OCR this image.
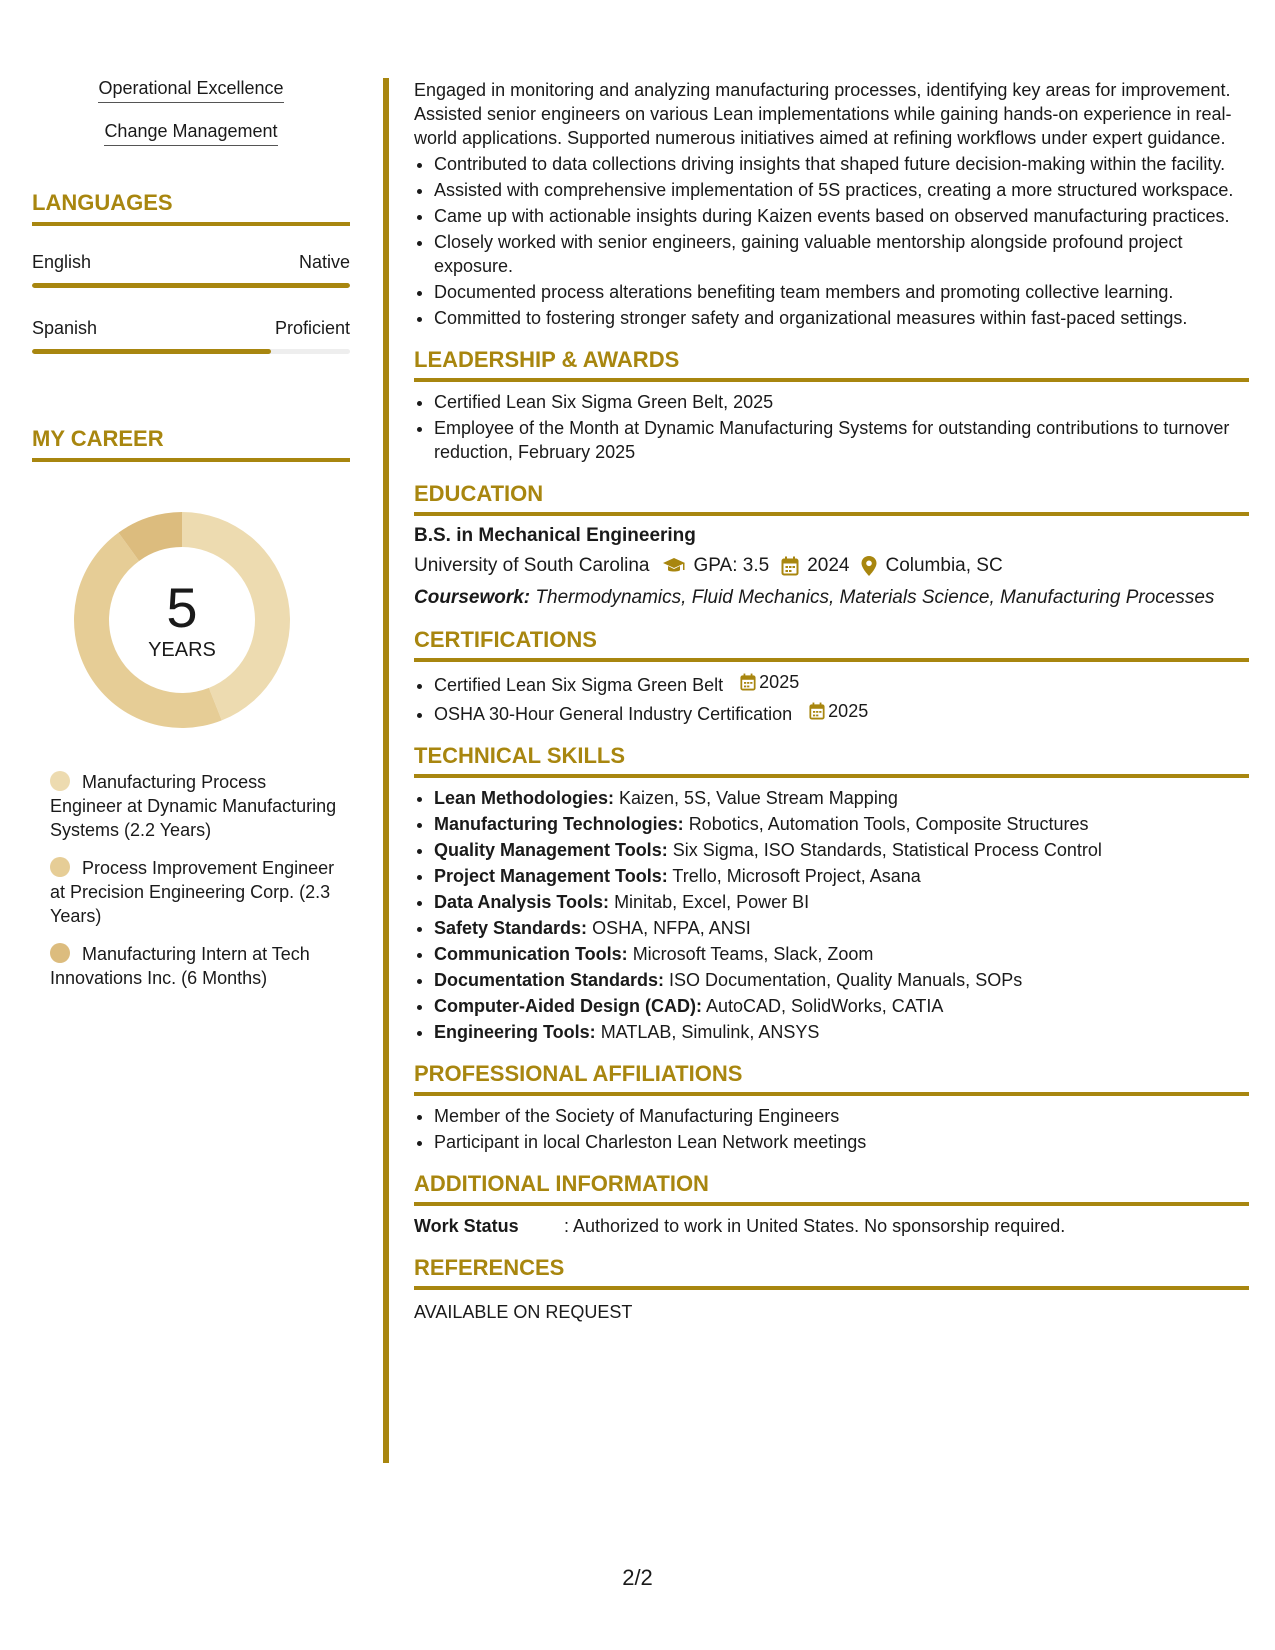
Operational Excellence
Change Management
LANGUAGES
English	Native
Spanish	Proficient
MY CAREER
5
YEARS
Manufacturing Process Engineer at Dynamic Manufacturing Systems (2.2 Years)
Process Improvement Engineer at Precision Engineering Corp. (2.3 Years)
Manufacturing Intern at Tech Innovations Inc. (6 Months)

Engaged in monitoring and analyzing manufacturing processes, identifying key areas for improvement. Assisted senior engineers on various Lean implementations while gaining hands-on experience in real-world applications. Supported numerous initiatives aimed at refining workflows under expert guidance.

• Contributed to data collections driving insights that shaped future decision-making within the facility.
• Assisted with comprehensive implementation of 5S practices, creating a more structured workspace.
• Came up with actionable insights during Kaizen events based on observed manufacturing practices.
• Closely worked with senior engineers, gaining valuable mentorship alongside profound project exposure.
• Documented process alterations benefiting team members and promoting collective learning.
• Committed to fostering stronger safety and organizational measures within fast-paced settings.
LEADERSHIP & AWARDS
• Certified Lean Six Sigma Green Belt, 2025
• Employee of the Month at Dynamic Manufacturing Systems for outstanding contributions to turnover reduction, February 2025
EDUCATION
B.S. in Mechanical Engineering
University of South Carolina GPA: 3.5 2024 Columbia, SC
Coursework: Thermodynamics, Fluid Mechanics, Materials Science, Manufacturing Processes
CERTIFICATIONS
• Certified Lean Six Sigma Green Belt 2025
• OSHA 30-Hour General Industry Certification 2025
TECHNICAL SKILLS
• Lean Methodologies: Kaizen, 5S, Value Stream Mapping
• Manufacturing Technologies: Robotics, Automation Tools, Composite Structures
• Quality Management Tools: Six Sigma, ISO Standards, Statistical Process Control
• Project Management Tools: Trello, Microsoft Project, Asana
• Data Analysis Tools: Minitab, Excel, Power BI
• Safety Standards: OSHA, NFPA, ANSI
• Communication Tools: Microsoft Teams, Slack, Zoom
• Documentation Standards: ISO Documentation, Quality Manuals, SOPs
• Computer-Aided Design (CAD): AutoCAD, SolidWorks, CATIA
• Engineering Tools: MATLAB, Simulink, ANSYS
PROFESSIONAL AFFILIATIONS
• Member of the Society of Manufacturing Engineers
• Participant in local Charleston Lean Network meetings
ADDITIONAL INFORMATION
Work Status	: Authorized to work in United States. No sponsorship required.
REFERENCES
AVAILABLE ON REQUEST
2/2
